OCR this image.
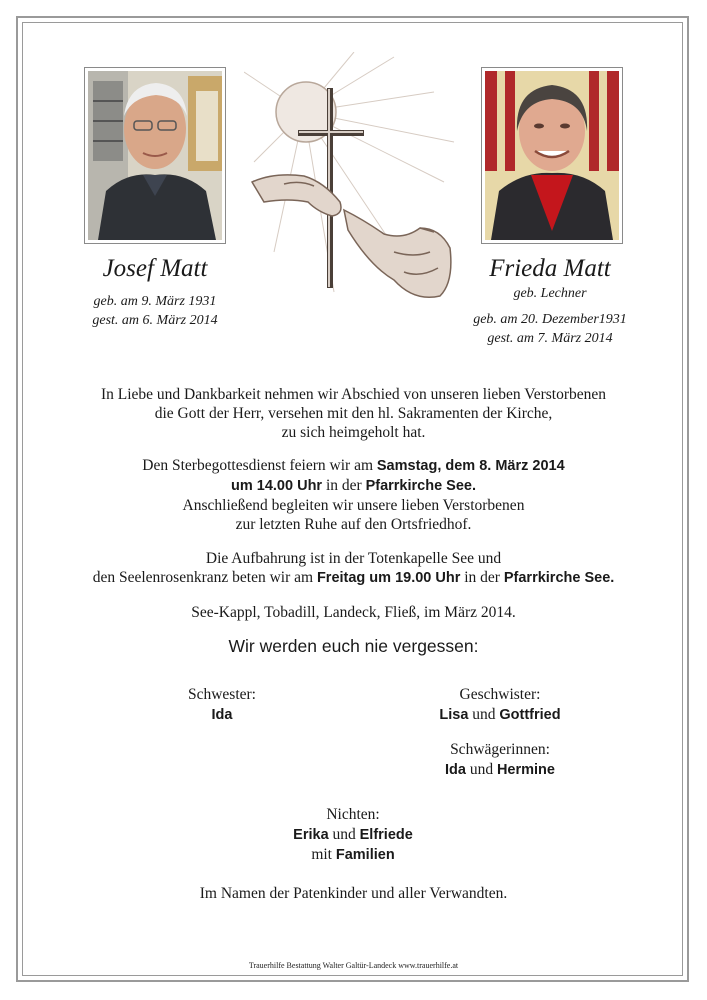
Josef Matt
geb. am 9. März 1931
gest. am 6. März 2014
Frieda Matt
geb. Lechner
geb. am 20. Dezember1931
gest. am 7. März 2014
In Liebe und Dankbarkeit nehmen wir Abschied von unseren lieben Verstorbenen
die Gott der Herr, versehen mit den hl. Sakramenten der Kirche,
zu sich heimgeholt hat.
Den Sterbegottesdienst feiern wir am Samstag, dem 8. März 2014
um 14.00 Uhr in der Pfarrkirche See.
Anschließend begleiten wir unsere lieben Verstorbenen
zur letzten Ruhe auf den Ortsfriedhof.
Die Aufbahrung ist in der Totenkapelle See und
den Seelenrosenkranz beten wir am Freitag um 19.00 Uhr in der Pfarrkirche See.
See-Kappl, Tobadill, Landeck, Fließ, im März 2014.
Wir werden euch nie vergessen:
Schwester:
Ida
Geschwister:
Lisa und Gottfried
Schwägerinnen:
Ida und Hermine
Nichten:
Erika und Elfriede
mit Familien
Im Namen der Patenkinder und aller Verwandten.
Trauerhilfe Bestattung Walter Galtür-Landeck www.trauerhilfe.at
